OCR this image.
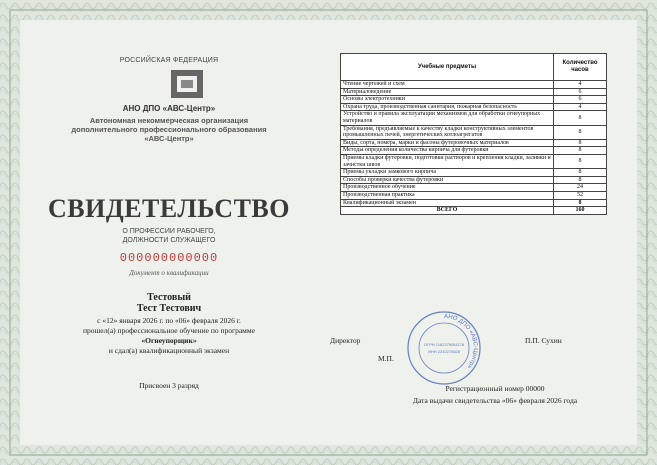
РОССИЙСКАЯ ФЕДЕРАЦИЯ
АНО ДПО «АВС-Центр»
Автономная некоммерческая организация
дополнительного профессионального образования
«АВС-Центр»
СВИДЕТЕЛЬСТВО
О ПРОФЕССИИ РАБОЧЕГО,
ДОЛЖНОСТИ СЛУЖАЩЕГО
000000000000
Документ о квалификации
Тестовый
Тест Тестович
с «12» января 2026 г. по «06» февраля 2026 г.
прошел(а) профессиональное обучение по программе
«Огнеупорщик»
и сдал(а) квалификационный экзамен
Присвоен 3 разряд
Учебные предметы	Количество часов
Чтение чертежей и схем	4
Материаловедение	6
Основы электротехники	6
Охрана труда, производственная санитария, пожарная безопасность	4
Устройство и правила эксплуатации механизмов для обработки огнеупорных материалов	8
Требования, предъявляемые к качеству кладки конструктивных элементов промышленных печей, энергетических котлоагрегатов	8
Виды, сорта, номера, марки и фасоны футеровочных материалов	8
Методы определения количества кирпича для футеровки	8
Приемы кладки футеровки, подготовки растворов и крепления кладки, заливки и зачистки швов	8
Приемы укладки замкового кирпича	8
Способы проверки качества футеровки	8
Производственное обучение	24
Производственная практика	52
Квалификационный экзамен	8
ВСЕГО	160
Директор	П.П. Сухин
М.П.
АНО ДПО «АВС-Центр»
ОГРН 1162375051178
ИНН 2310276628
Регистрационный номер 00000
Дата выдачи свидетельства «06» февраля 2026 года
